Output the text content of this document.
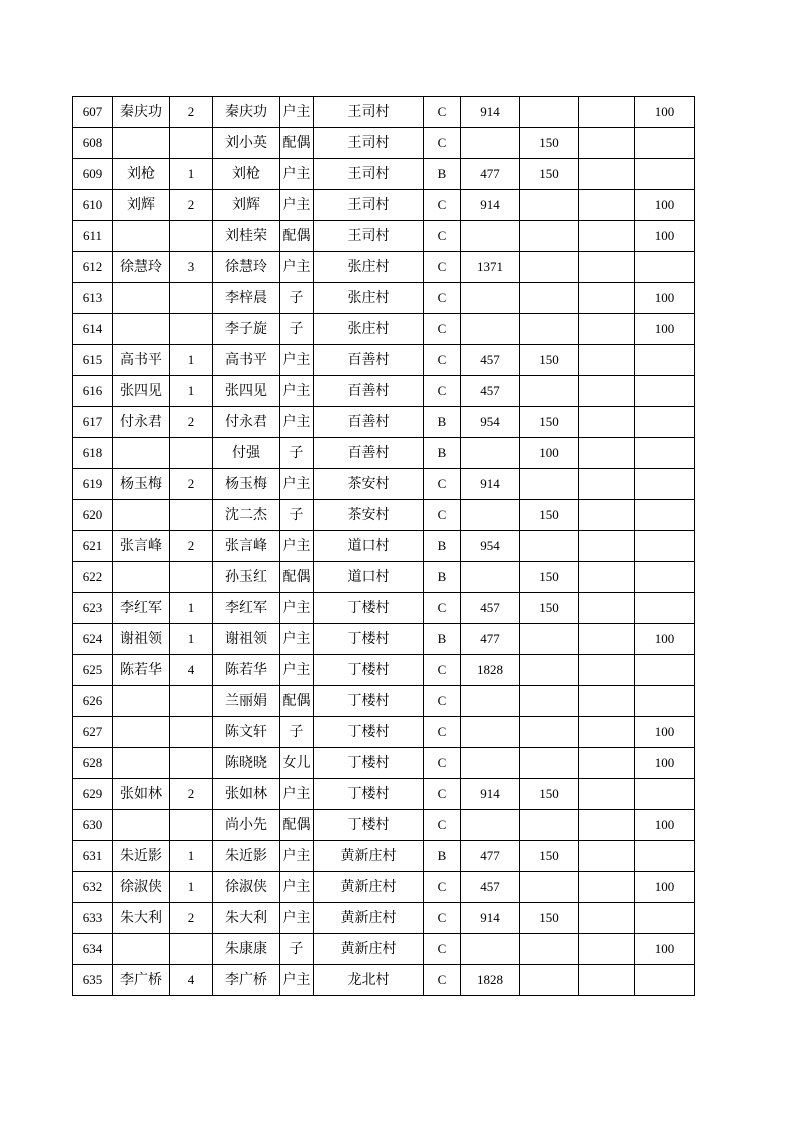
607	秦庆功	2	秦庆功	户主	王司村	C	914			100
608			刘小英	配偶	王司村	C		150		
609	刘枪	1	刘枪	户主	王司村	B	477	150		
610	刘辉	2	刘辉	户主	王司村	C	914			100
611			刘桂荣	配偶	王司村	C				100
612	徐慧玲	3	徐慧玲	户主	张庄村	C	1371			
613			李梓晨	子	张庄村	C				100
614			李子旋	子	张庄村	C				100
615	高书平	1	高书平	户主	百善村	C	457	150		
616	张四见	1	张四见	户主	百善村	C	457			
617	付永君	2	付永君	户主	百善村	B	954	150		
618			付强	子	百善村	B		100		
619	杨玉梅	2	杨玉梅	户主	茶安村	C	914			
620			沈二杰	子	茶安村	C		150		
621	张言峰	2	张言峰	户主	道口村	B	954			
622			孙玉红	配偶	道口村	B		150		
623	李红军	1	李红军	户主	丁楼村	C	457	150		
624	谢祖领	1	谢祖领	户主	丁楼村	B	477			100
625	陈若华	4	陈若华	户主	丁楼村	C	1828			
626			兰丽娟	配偶	丁楼村	C				
627			陈文轩	子	丁楼村	C				100
628			陈晓晓	女儿	丁楼村	C				100
629	张如林	2	张如林	户主	丁楼村	C	914	150		
630			尚小先	配偶	丁楼村	C				100
631	朱近影	1	朱近影	户主	黄新庄村	B	477	150		
632	徐淑侠	1	徐淑侠	户主	黄新庄村	C	457			100
633	朱大利	2	朱大利	户主	黄新庄村	C	914	150		
634			朱康康	子	黄新庄村	C				100
635	李广桥	4	李广桥	户主	龙北村	C	1828			
